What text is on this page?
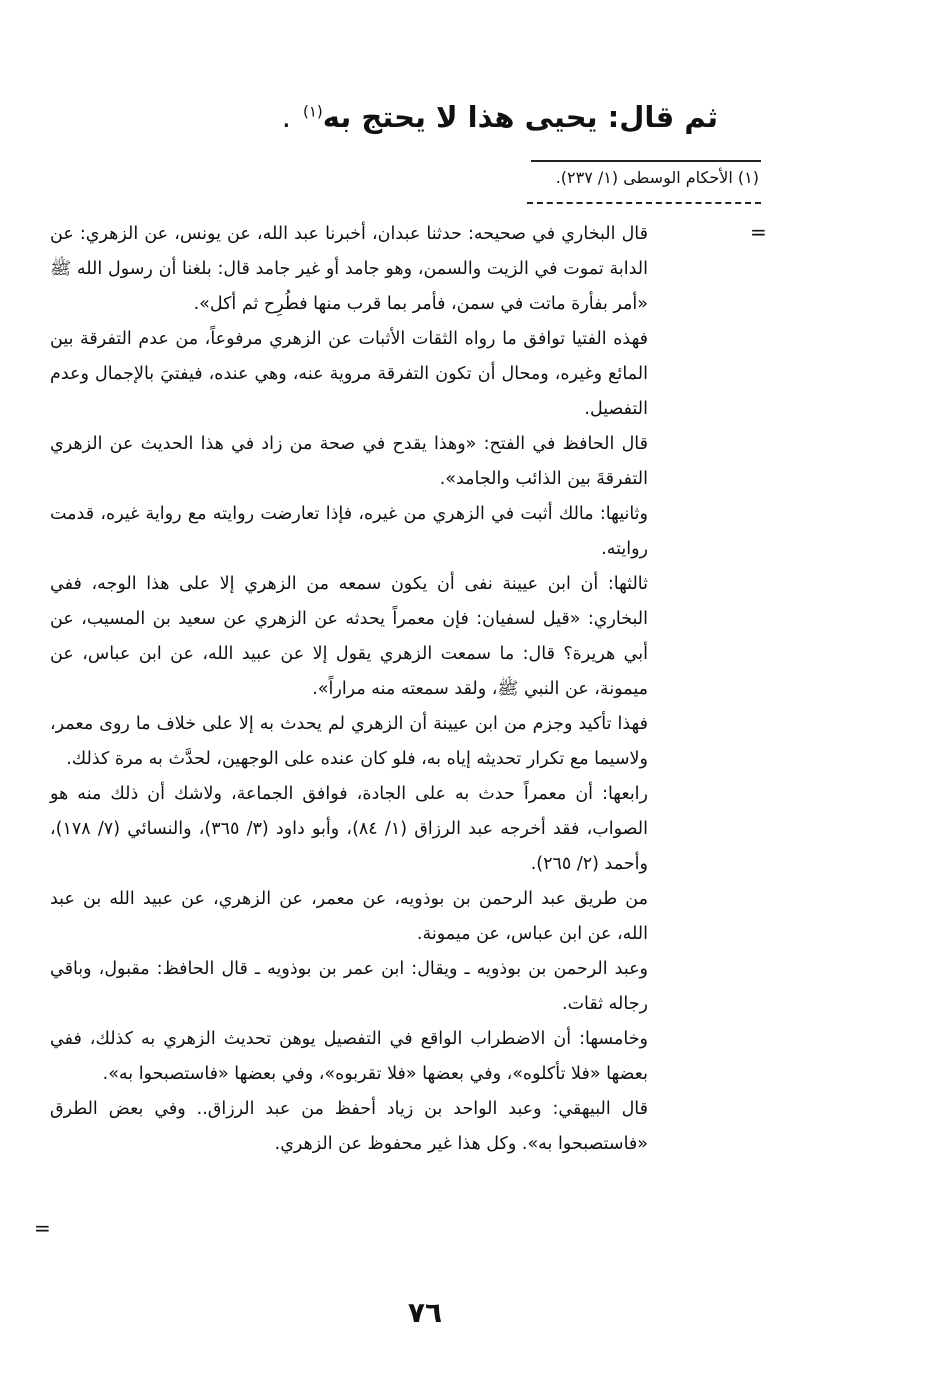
ثم قال: يحيى هذا لا يحتج به$^{(١)}$.
(١) الأحكام الوسطى (١/ ٢٣٧).
=

قال البخاري في صحيحه: حدثنا عبدان، أخبرنا عبد الله، عن يونس، عن الزهري: عن الدابة تموت في الزيت والسمن، وهو جامد أو غير جامد قال: بلغنا أن رسول الله ﷺ «أمر بفأرة ماتت في سمن، فأمر بما قرب منها فطُرِح ثم أكل».

فهذه الفتيا توافق ما رواه الثقات الأثبات عن الزهري مرفوعاً، من عدم التفرقة بين المائع وغيره، ومحال أن تكون التفرقة مروية عنه، وهي عنده، فيفتيَ بالإجمال وعدم التفصيل.

قال الحافظ في الفتح: «وهذا يقدح في صحة من زاد في هذا الحديث عن الزهري التفرقةَ بين الذائب والجامد».

وثانيها: مالك أثبت في الزهري من غيره، فإذا تعارضت روايته مع رواية غيره، قدمت روايته.

ثالثها: أن ابن عيينة نفى أن يكون سمعه من الزهري إلا على هذا الوجه، ففي البخاري: «قيل لسفيان: فإن معمراً يحدثه عن الزهري عن سعيد بن المسيب، عن أبي هريرة؟ قال: ما سمعت الزهري يقول إلا عن عبيد الله، عن ابن عباس، عن ميمونة، عن النبي ﷺ، ولقد سمعته منه مراراً».

فهذا تأكيد وجزم من ابن عيينة أن الزهري لم يحدث به إلا على خلاف ما روى معمر، ولاسيما مع تكرار تحديثه إياه به، فلو كان عنده على الوجهين، لحدَّث به مرة كذلك.

رابعها: أن معمراً حدث به على الجادة، فوافق الجماعة، ولاشك أن ذلك منه هو الصواب، فقد أخرجه عبد الرزاق (١/ ٨٤)، وأبو داود (٣/ ٣٦٥)، والنسائي (٧/ ١٧٨)، وأحمد (٢/ ٢٦٥).

من طريق عبد الرحمن بن بوذويه، عن معمر، عن الزهري، عن عبيد الله بن عبد الله، عن ابن عباس، عن ميمونة.

وعبد الرحمن بن بوذويه ـ ويقال: ابن عمر بن بوذويه ـ قال الحافظ: مقبول، وباقي رجاله ثقات.

وخامسها: أن الاضطراب الواقع في التفصيل يوهن تحديث الزهري به كذلك، ففي بعضها «فلا تأكلوه»، وفي بعضها «فلا تقربوه»، وفي بعضها «فاستصبحوا به».

قال البيهقي: وعبد الواحد بن زياد أحفظ من عبد الرزاق.. وفي بعض الطرق «فاستصبحوا به». وكل هذا غير محفوظ عن الزهري.

=
٧٦
